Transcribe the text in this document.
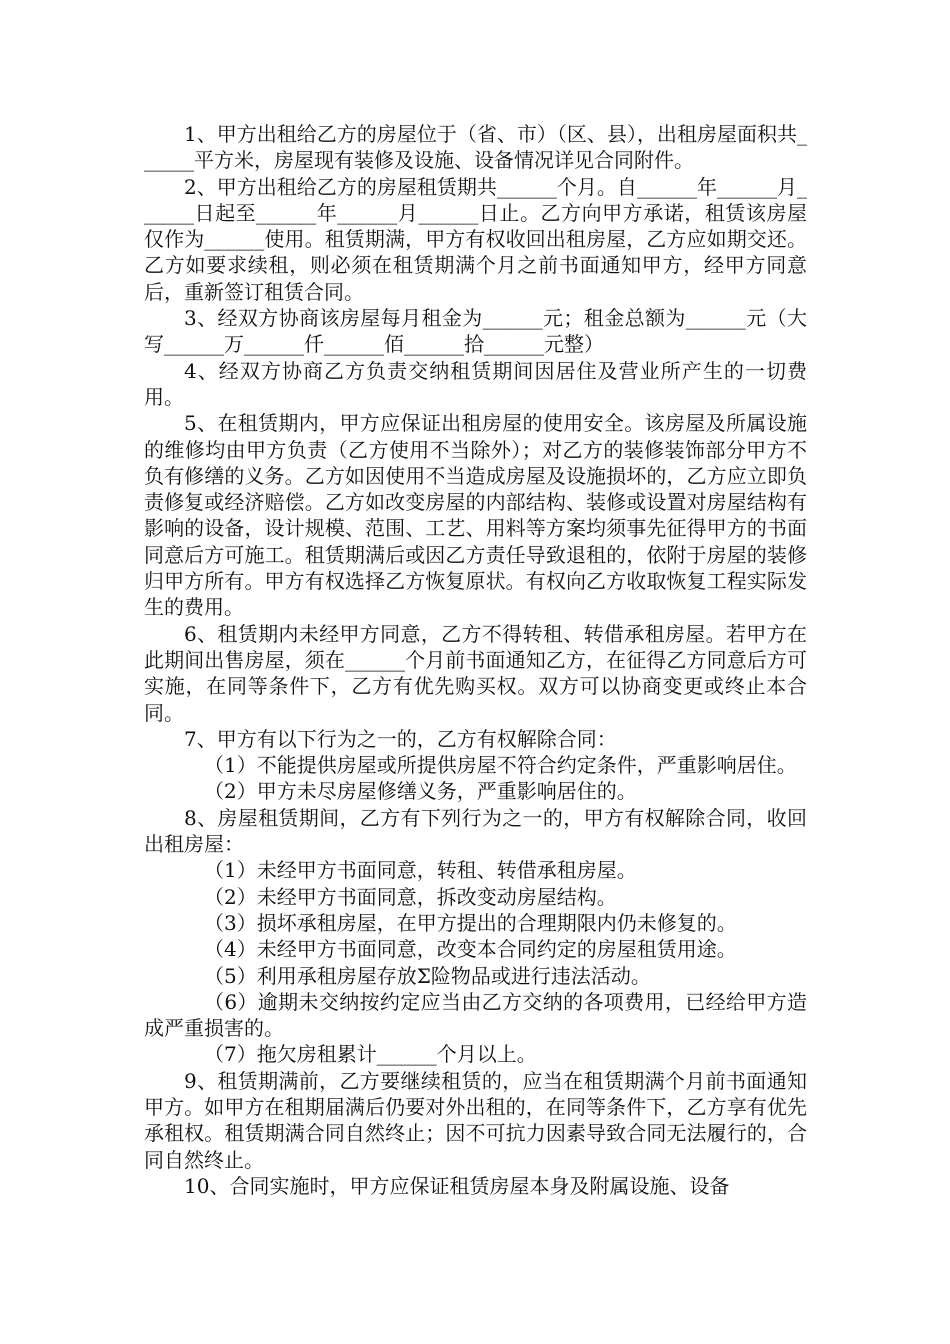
1、甲方出租给乙方的房屋位于（省、市）（区、县），出租房屋面积共______平方米，房屋现有装修及设施、设备情况详见合同附件。

2、甲方出租给乙方的房屋租赁期共______个月。自______年______月______日起至______年______月______日止。乙方向甲方承诺，租赁该房屋仅作为______使用。租赁期满，甲方有权收回出租房屋，乙方应如期交还。乙方如要求续租，则必须在租赁期满个月之前书面通知甲方，经甲方同意后，重新签订租赁合同。

3、经双方协商该房屋每月租金为______元；租金总额为______元（大写______万______仟______佰______拾______元整）

4、经双方协商乙方负责交纳租赁期间因居住及营业所产生的一切费用。

5、在租赁期内，甲方应保证出租房屋的使用安全。该房屋及所属设施的维修均由甲方负责（乙方使用不当除外）；对乙方的装修装饰部分甲方不负有修缮的义务。乙方如因使用不当造成房屋及设施损坏的，乙方应立即负责修复或经济赔偿。乙方如改变房屋的内部结构、装修或设置对房屋结构有影响的设备，设计规模、范围、工艺、用料等方案均须事先征得甲方的书面同意后方可施工。租赁期满后或因乙方责任导致退租的，依附于房屋的装修归甲方所有。甲方有权选择乙方恢复原状。有权向乙方收取恢复工程实际发生的费用。

6、租赁期内未经甲方同意，乙方不得转租、转借承租房屋。若甲方在此期间出售房屋，须在______个月前书面通知乙方，在征得乙方同意后方可实施，在同等条件下，乙方有优先购买权。双方可以协商变更或终止本合同。

7、甲方有以下行为之一的，乙方有权解除合同：

（1）不能提供房屋或所提供房屋不符合约定条件，严重影响居住。

（2）甲方未尽房屋修缮义务，严重影响居住的。

8、房屋租赁期间，乙方有下列行为之一的，甲方有权解除合同，收回出租房屋：

（1）未经甲方书面同意，转租、转借承租房屋。

（2）未经甲方书面同意，拆改变动房屋结构。

（3）损坏承租房屋，在甲方提出的合理期限内仍未修复的。

（4）未经甲方书面同意，改变本合同约定的房屋租赁用途。

（5）利用承租房屋存放Σ险物品或进行违法活动。

（6）逾期未交纳按约定应当由乙方交纳的各项费用，已经给甲方造成严重损害的。

（7）拖欠房租累计______个月以上。

9、租赁期满前，乙方要继续租赁的，应当在租赁期满个月前书面通知甲方。如甲方在租期届满后仍要对外出租的，在同等条件下，乙方享有优先承租权。租赁期满合同自然终止；因不可抗力因素导致合同无法履行的，合同自然终止。

10、合同实施时，甲方应保证租赁房屋本身及附属设施、设备
